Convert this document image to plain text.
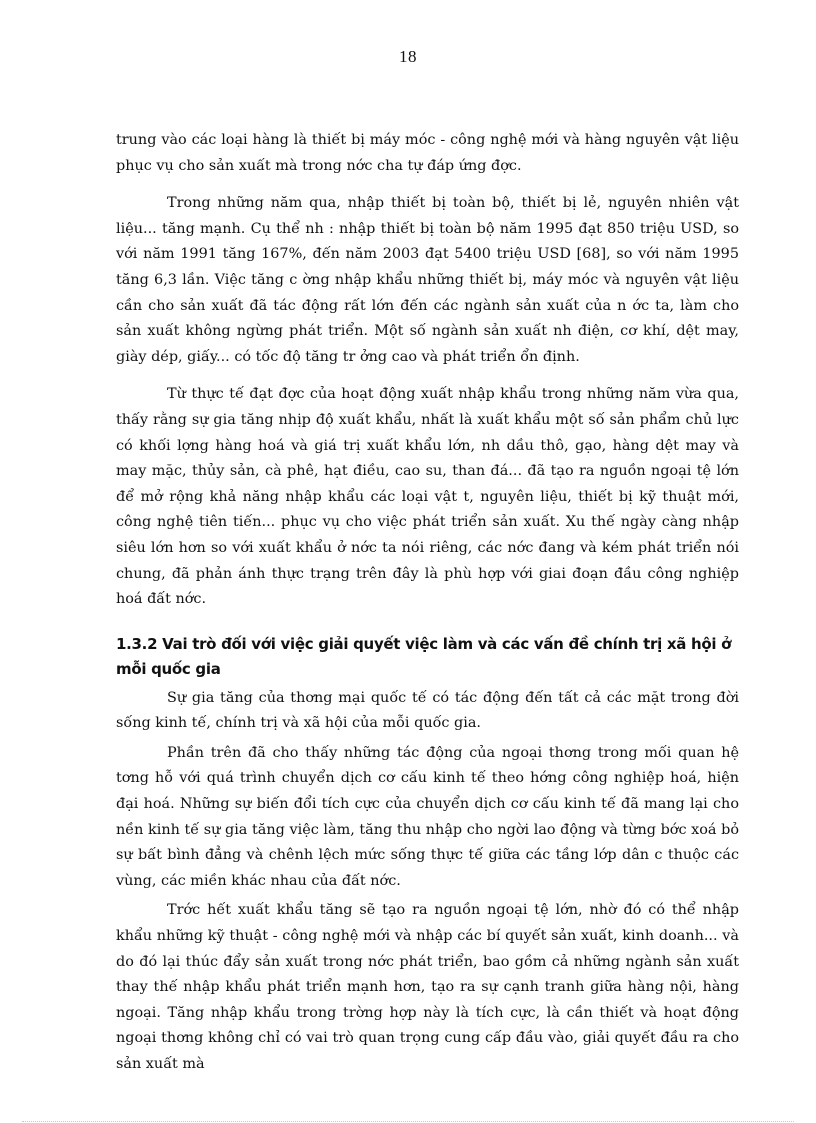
18

trung vào các loại hàng là thiết bị máy móc - công nghệ mới và hàng nguyên vật liệu phục vụ cho sản xuất mà trong nớc cha tự đáp ứng đợc.

Trong những năm qua, nhập thiết bị toàn bộ, thiết bị lẻ, nguyên nhiên vật liệu... tăng mạnh. Cụ thể nh : nhập thiết bị toàn bộ năm 1995 đạt 850 triệu USD, so với năm 1991 tăng 167%, đến năm 2003 đạt 5400 triệu USD [68], so với năm 1995 tăng 6,3 lần. Việc tăng c ờng nhập khẩu những thiết bị, máy móc và nguyên vật liệu cần cho sản xuất đã tác động rất lớn đến các ngành sản xuất của n ớc ta, làm cho sản xuất không ngừng phát triển. Một số ngành sản xuất nh điện, cơ khí, dệt may, giày dép, giấy... có tốc độ tăng tr ởng cao và phát triển ổn định.

Từ thực tế đạt đợc của hoạt động xuất nhập khẩu trong những năm vừa qua, thấy rằng sự gia tăng nhịp độ xuất khẩu, nhất là xuất khẩu một số sản phẩm chủ lực có khối lợng hàng hoá và giá trị xuất khẩu lớn, nh dầu thô, gạo, hàng dệt may và may mặc, thủy sản, cà phê, hạt điều, cao su, than đá... đã tạo ra nguồn ngoại tệ lớn để mở rộng khả năng nhập khẩu các loại vật t, nguyên liệu, thiết bị kỹ thuật mới, công nghệ tiên tiến... phục vụ cho việc phát triển sản xuất. Xu thế ngày càng nhập siêu lớn hơn so với xuất khẩu ở nớc ta nói riêng, các nớc đang và kém phát triển nói chung, đã phản ánh thực trạng trên đây là phù hợp với giai đoạn đầu công nghiệp hoá đất nớc.

1.3.2 Vai trò đối với việc giải quyết việc làm và các vấn đề chính trị xã hội ở mỗi quốc gia

Sự gia tăng của thơng mại quốc tế có tác động đến tất cả các mặt trong đời sống kinh tế, chính trị và xã hội của mỗi quốc gia.

Phần trên đã cho thấy những tác động của ngoại thơng trong mối quan hệ tơng hỗ với quá trình chuyển dịch cơ cấu kinh tế theo hớng công nghiệp hoá, hiện đại hoá. Những sự biến đổi tích cực của chuyển dịch cơ cấu kinh tế đã mang lại cho nền kinh tế sự gia tăng việc làm, tăng thu nhập cho ngời lao động và từng bớc xoá bỏ sự bất bình đẳng và chênh lệch mức sống thực tế giữa các tầng lớp dân c thuộc các vùng, các miền khác nhau của đất nớc.

Trớc hết xuất khẩu tăng sẽ tạo ra nguồn ngoại tệ lớn, nhờ đó có thể nhập khẩu những kỹ thuật - công nghệ mới và nhập các bí quyết sản xuất, kinh doanh... và do đó lại thúc đẩy sản xuất trong nớc phát triển, bao gồm cả những ngành sản xuất thay thế nhập khẩu phát triển mạnh hơn, tạo ra sự cạnh tranh giữa hàng nội, hàng ngoại. Tăng nhập khẩu trong trờng hợp này là tích cực, là cần thiết và hoạt động ngoại thơng không chỉ có vai trò quan trọng cung cấp đầu vào, giải quyết đầu ra cho sản xuất mà
